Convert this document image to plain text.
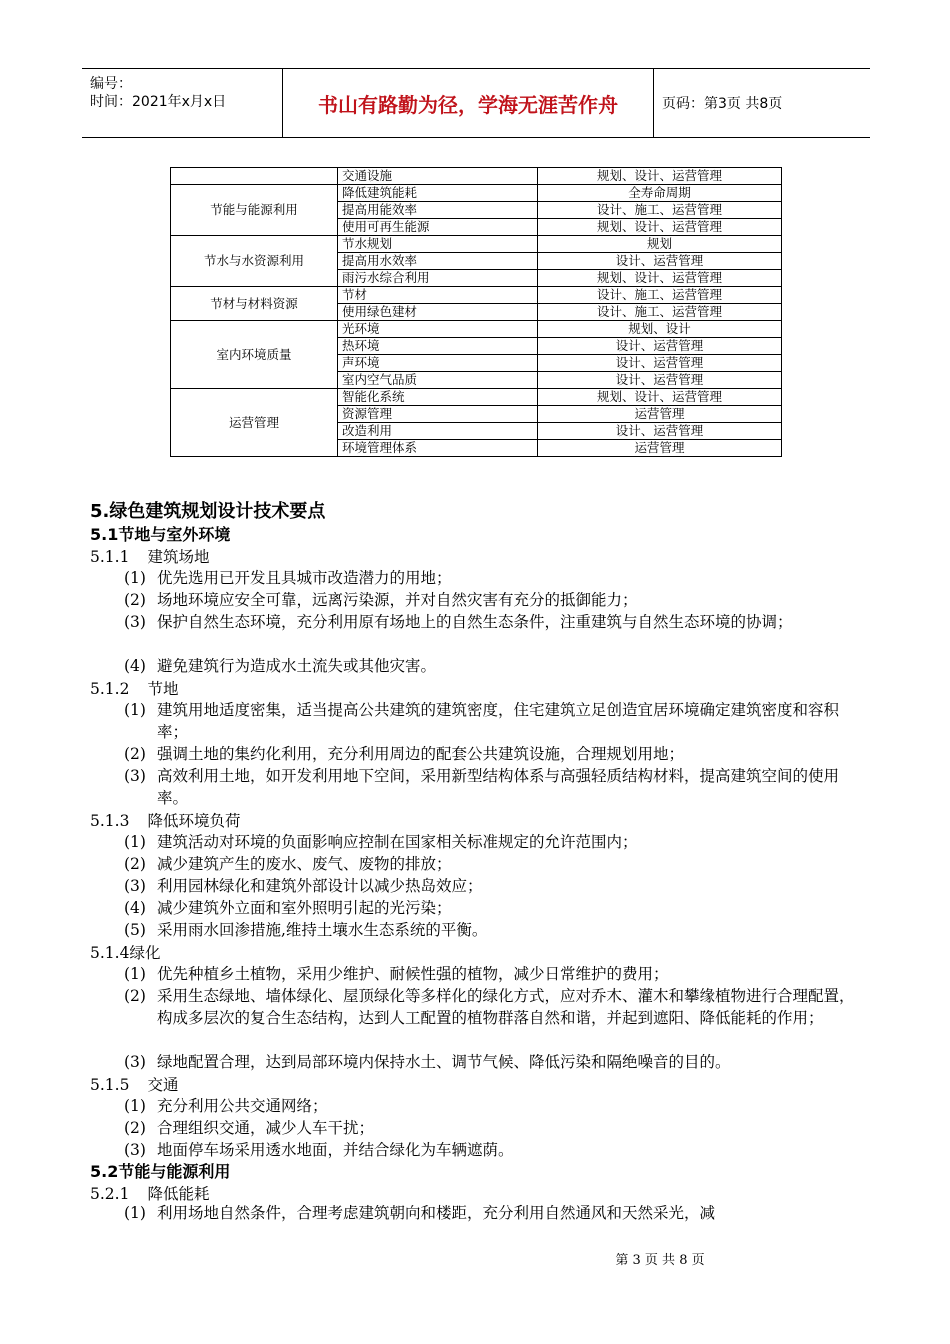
编号：
时间：2021年x月x日	书山有路勤为径，学海无涯苦作舟	页码：第3页 共8页
	交通设施	规划、设计、运营管理
节能与能源利用	降低建筑能耗	全寿命周期
	提高用能效率	设计、施工、运营管理
	使用可再生能源	规划、设计、运营管理
节水与水资源利用	节水规划	规划
	提高用水效率	设计、运营管理
	雨污水综合利用	规划、设计、运营管理
节材与材料资源	节材	设计、施工、运营管理
	使用绿色建材	设计、施工、运营管理
室内环境质量	光环境	规划、设计
	热环境	设计、运营管理
	声环境	设计、运营管理
	室内空气品质	设计、运营管理
运营管理	智能化系统	规划、设计、运营管理
	资源管理	运营管理
	改造利用	设计、运营管理
	环境管理体系	运营管理
5.绿色建筑规划设计技术要点
5.1节地与室外环境
5.1.1 建筑场地
(1) 优先选用已开发且具城市改造潜力的用地；
(2) 场地环境应安全可靠，远离污染源，并对自然灾害有充分的抵御能力；
(3) 保护自然生态环境，充分利用原有场地上的自然生态条件，注重建筑与自然生态环境的协调；
(4) 避免建筑行为造成水土流失或其他灾害。
5.1.2 节地
(1) 建筑用地适度密集，适当提高公共建筑的建筑密度，住宅建筑立足创造宜居环境确定建筑密度和容积率；
(2) 强调土地的集约化利用，充分利用周边的配套公共建筑设施，合理规划用地；
(3) 高效利用土地，如开发利用地下空间，采用新型结构体系与高强轻质结构材料，提高建筑空间的使用率。
5.1.3 降低环境负荷
(1) 建筑活动对环境的负面影响应控制在国家相关标准规定的允许范围内；
(2) 减少建筑产生的废水、废气、废物的排放；
(3) 利用园林绿化和建筑外部设计以减少热岛效应；
(4) 减少建筑外立面和室外照明引起的光污染；
(5) 采用雨水回渗措施,维持土壤水生态系统的平衡。
5.1.4绿化
(1) 优先种植乡土植物，采用少维护、耐候性强的植物，减少日常维护的费用；
(2) 采用生态绿地、墙体绿化、屋顶绿化等多样化的绿化方式，应对乔木、灌木和攀缘植物进行合理配置，构成多层次的复合生态结构，达到人工配置的植物群落自然和谐，并起到遮阳、降低能耗的作用；
(3) 绿地配置合理，达到局部环境内保持水土、调节气候、降低污染和隔绝噪音的目的。
5.1.5 交通
(1) 充分利用公共交通网络；
(2) 合理组织交通，减少人车干扰；
(3) 地面停车场采用透水地面，并结合绿化为车辆遮荫。
5.2节能与能源利用
5.2.1 降低能耗
(1) 利用场地自然条件，合理考虑建筑朝向和楼距，充分利用自然通风和天然采光，减
第 3 页 共 8 页
